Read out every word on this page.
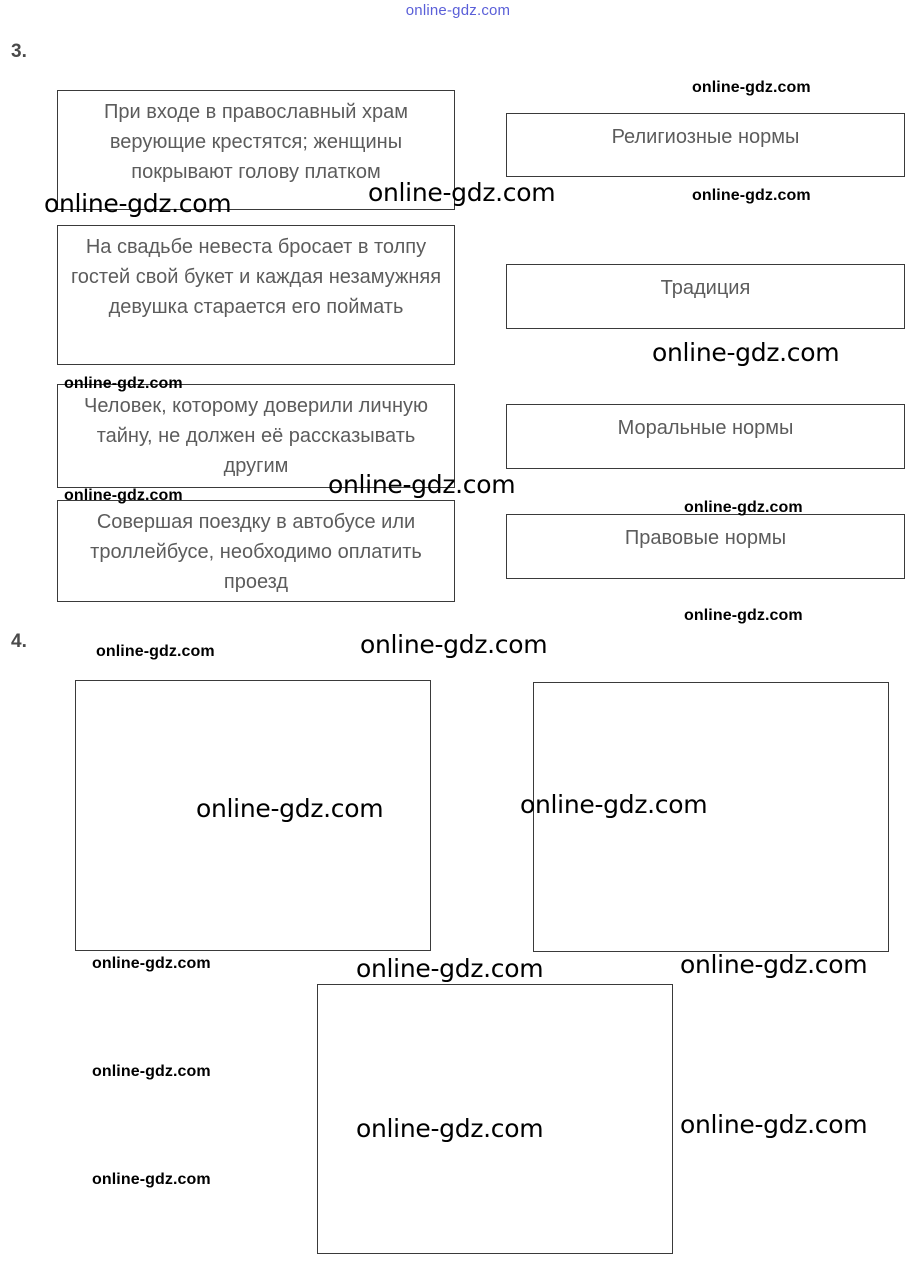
online-gdz.com
3.
При входе в православный храм верующие крестятся; женщины покрывают голову платком
На свадьбе невеста бросает в толпу гостей свой букет и каждая незамужняя девушка старается его поймать
Человек, которому доверили личную тайну, не должен её рассказывать другим
Совершая поездку в автобусе или троллейбусе, необходимо оплатить проезд
Религиозные нормы
Традиция
Моральные нормы
Правовые нормы
4.
online-gdz.com
online-gdz.com	online-gdz.com	online-gdz.com
online-gdz.com
online-gdz.com
online-gdz.com
online-gdz.com
online-gdz.com
online-gdz.com
online-gdz.com
online-gdz.com
online-gdz.com	online-gdz.com
online-gdz.com	online-gdz.com	online-gdz.com
online-gdz.com
online-gdz.com	online-gdz.com
online-gdz.com
